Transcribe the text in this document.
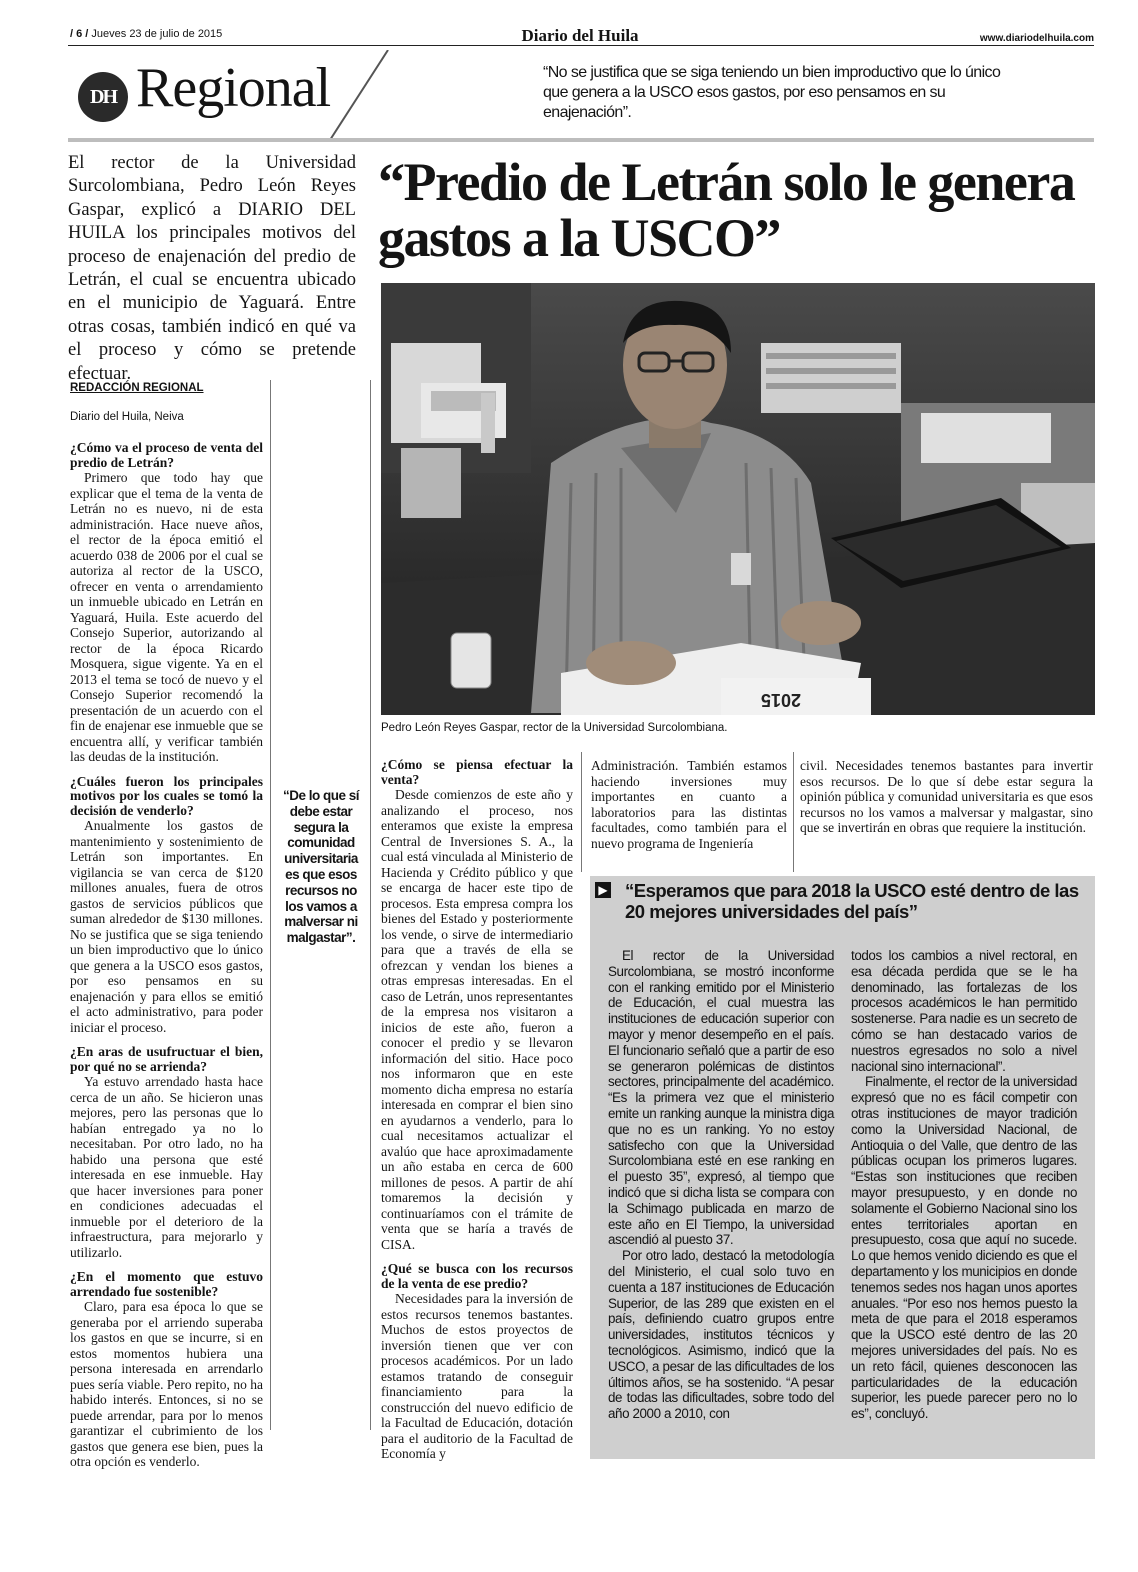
/ 6 / Jueves 23 de julio de 2015	Diario del Huila	www.diariodelhuila.com
DH Regional	“No se justifica que se siga teniendo un bien improductivo que lo único que genera a la USCO esos gastos, por eso pensamos en su enajenación”.
El rector de la Universidad Surcolombiana, Pedro León Reyes Gaspar, explicó a DIARIO DEL HUILA los principales motivos del proceso de enajenación del predio de Letrán, el cual se encuentra ubicado en el municipio de Yaguará. Entre otras cosas, también indicó en qué va el proceso y cómo se pretende efectuar.
“Predio de Letrán solo le genera gastos a la USCO”
2015
Pedro León Reyes Gaspar, rector de la Universidad Surcolombiana.
REDACCIÓN REGIONAL
Diario del Huila, Neiva
¿Cómo va el proceso de venta del predio de Letrán?

Primero que todo hay que explicar que el tema de la venta de Letrán no es nuevo, ni de esta administración. Hace nueve años, el rector de la época emitió el acuerdo 038 de 2006 por el cual se autoriza al rector de la USCO, ofrecer en venta o arrendamiento un inmueble ubicado en Letrán en Yaguará, Huila. Este acuerdo del Consejo Superior, autorizando al rector de la época Ricardo Mosquera, sigue vigente. Ya en el 2013 el tema se tocó de nuevo y el Consejo Superior recomendó la presentación de un acuerdo con el fin de enajenar ese inmueble que se encuentra allí, y verificar también las deudas de la institución.

¿Cuáles fueron los principales motivos por los cuales se tomó la decisión de venderlo?

Anualmente los gastos de mantenimiento y sostenimiento de Letrán son importantes. En vigilancia se van cerca de $120 millones anuales, fuera de otros gastos de servicios públicos que suman alrededor de $130 millones. No se justifica que se siga teniendo un bien improductivo que lo único que genera a la USCO esos gastos, por eso pensamos en su enajenación y para ellos se emitió el acto administrativo, para poder iniciar el proceso.

¿En aras de usufructuar el bien, por qué no se arrienda?

Ya estuvo arrendado hasta hace cerca de un año. Se hicieron unas mejores, pero las personas que lo habían entregado ya no lo necesitaban. Por otro lado, no ha habido una persona que esté interesada en ese inmueble. Hay que hacer inversiones para poner en condiciones adecuadas el inmueble por el deterioro de la infraestructura, para mejorarlo y utilizarlo.

¿En el momento que estuvo arrendado fue sostenible?

Claro, para esa época lo que se generaba por el arriendo superaba los gastos en que se incurre, si en estos momentos hubiera una persona interesada en arrendarlo pues sería viable. Pero repito, no ha habido interés. Entonces, si no se puede arrendar, para por lo menos garantizar el cubrimiento de los gastos que genera ese bien, pues la otra opción es venderlo.

“De lo que sí debe estar segura la comunidad universitaria es que esos recursos no los vamos a malversar ni malgastar”.
¿Cómo se piensa efectuar la venta?

Desde comienzos de este año y analizando el proceso, nos enteramos que existe la empresa Central de Inversiones S. A., la cual está vinculada al Ministerio de Hacienda y Crédito público y que se encarga de hacer este tipo de procesos. Esta empresa compra los bienes del Estado y posteriormente los vende, o sirve de intermediario para que a través de ella se ofrezcan y vendan los bienes a otras empresas interesadas. En el caso de Letrán, unos representantes de la empresa nos visitaron a inicios de este año, fueron a conocer el predio y se llevaron información del sitio. Hace poco nos informaron que en este momento dicha empresa no estaría interesada en comprar el bien sino en ayudarnos a venderlo, para lo cual necesitamos actualizar el avalúo que hace aproximadamente un año estaba en cerca de 600 millones de pesos. A partir de ahí tomaremos la decisión y continuaríamos con el trámite de venta que se haría a través de CISA.

¿Qué se busca con los recursos de la venta de ese predio?

Necesidades para la inversión de estos recursos tenemos bastantes. Muchos de estos proyectos de inversión tienen que ver con procesos académicos. Por un lado estamos tratando de conseguir financiamiento para la construcción del nuevo edificio de la Facultad de Educación, dotación para el auditorio de la Facultad de Economía y

Administración. También estamos haciendo inversiones muy importantes en cuanto a laboratorios para las distintas facultades, como también para el nuevo programa de Ingeniería

civil. Necesidades tenemos bastantes para invertir esos recursos. De lo que sí debe estar segura la opinión pública y comunidad universitaria es que esos recursos no los vamos a malversar y malgastar, sino que se invertirán en obras que requiere la institución.

▶ “Esperamos que para 2018 la USCO esté dentro de las 20 mejores universidades del país”

El rector de la Universidad Surcolombiana, se mostró inconforme con el ranking emitido por el Ministerio de Educación, el cual muestra las instituciones de educación superior con mayor y menor desempeño en el país. El funcionario señaló que a partir de eso se generaron polémicas de distintos sectores, principalmente del académico. “Es la primera vez que el ministerio emite un ranking aunque la ministra diga que no es un ranking. Yo no estoy satisfecho con que la Universidad Surcolombiana esté en ese ranking en el puesto 35”, expresó, al tiempo que indicó que si dicha lista se compara con la Schimago publicada en marzo de este año en El Tiempo, la universidad ascendió al puesto 37.

Por otro lado, destacó la metodología del Ministerio, el cual solo tuvo en cuenta a 187 instituciones de Educación Superior, de las 289 que existen en el país, definiendo cuatro grupos entre universidades, institutos técnicos y tecnológicos. Asimismo, indicó que la USCO, a pesar de las dificultades de los últimos años, se ha sostenido. “A pesar de todas las dificultades, sobre todo del año 2000 a 2010, con

todos los cambios a nivel rectoral, en esa década perdida que se le ha denominado, las fortalezas de los procesos académicos le han permitido sostenerse. Para nadie es un secreto de cómo se han destacado varios de nuestros egresados no solo a nivel nacional sino internacional”.

Finalmente, el rector de la universidad expresó que no es fácil competir con otras instituciones de mayor tradición como la Universidad Nacional, de Antioquia o del Valle, que dentro de las públicas ocupan los primeros lugares. “Estas son instituciones que reciben mayor presupuesto, y en donde no solamente el Gobierno Nacional sino los entes territoriales aportan en presupuesto, cosa que aquí no sucede. Lo que hemos venido diciendo es que el departamento y los municipios en donde tenemos sedes nos hagan unos aportes anuales. “Por eso nos hemos puesto la meta de que para el 2018 esperamos que la USCO esté dentro de las 20 mejores universidades del país. No es un reto fácil, quienes desconocen las particularidades de la educación superior, les puede parecer pero no lo es”, concluyó.
